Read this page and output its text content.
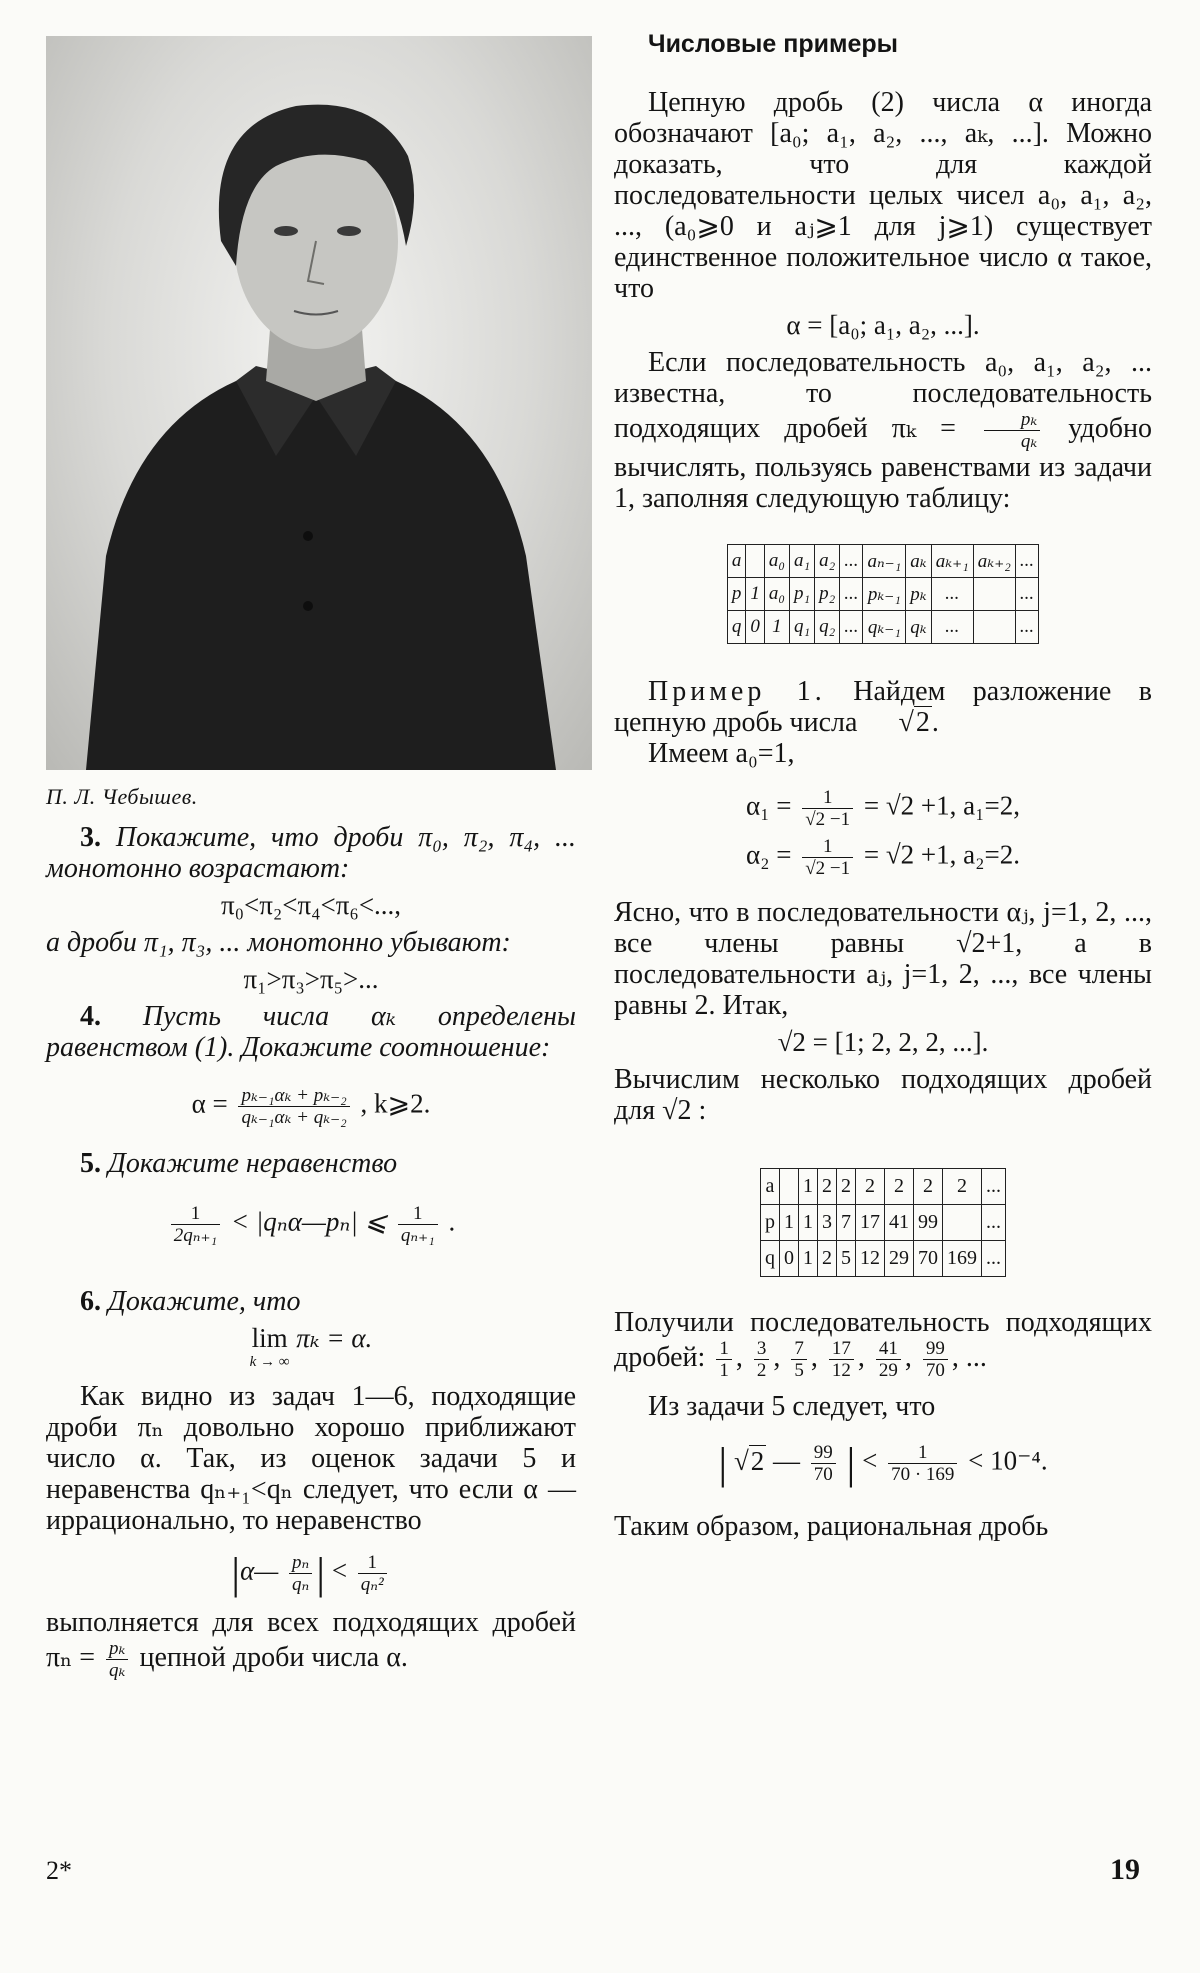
П. Л. Чебышев.

3. Покажите, что дроби π₀, π₂, π₄, ... монотонно возрастают:

π₀<π₂<π₄<π₆<...,

а дроби π₁, π₃, ... монотонно убывают:

π₁>π₃>π₅>...

4. Пусть числа αₖ определены равенством (1). Докажите соотношение:

$\alpha = \frac{\text{pₖ₋₁αₖ + pₖ₋₂}}{\text{qₖ₋₁αₖ + qₖ₋₂}}$ , k⩾2.

5. Докажите неравенство

$\frac{1}{\text{2qₙ₊₁}}$ < |qₙα—pₙ| ⩽ $\frac{1}{\text{qₙ₊₁}}$ .

6. Докажите, что

lim
k → ∞
πₖ = α.

Как видно из задач 1—6, подходящие дроби πₙ довольно хорошо приближают число α. Так, из оценок задачи 5 и неравенства qₙ₊₁<qₙ следует, что если α — иррационально, то неравенство

|α— $\frac{\text{pₙ}}{\text{qₙ}}$ | < $\frac{1}{\text{qₙ²}}$

выполняется для всех подходящих дробей $\pi_n = \frac{\text{pₖ}}{\text{qₖ}}$ цепной дроби числа α.

Числовые примеры

Цепную дробь (2) числа α иногда обозначают [a₀; a₁, a₂, ..., aₖ, ...]. Можно доказать, что для каждой последовательности целых чисел a₀, a₁, a₂, ..., (a₀⩾0 и aⱼ⩾1 для j⩾1) существует единственное положительное число α такое, что

α = [a₀; a₁, a₂, ...].

Если последовательность a₀, a₁, a₂, ... известна, то последовательность подходящих дробей $\pi_k = \frac{\text{pₖ}}{\text{qₖ}}$ удобно вычислять, пользуясь равенствами из задачи 1, заполняя следующую таблицу:

a		a₀	a₁	a₂	...	aₙ₋₁	aₖ	aₖ₊₁	aₖ₊₂	...
p	1	a₀	p₁	p₂	...	pₖ₋₁	pₖ	...		...
q	0	1	q₁	q₂	...	qₖ₋₁	qₖ	...		...

Пример 1. Найдем разложение в цепную дробь числа √2.

Имеем a₀=1,

$\alpha_1 = \frac{1}{√2 -1} = √2 +1$, a₁=2,
$\alpha_2 = \frac{1}{√2 -1} = √2 +1$, a₂=2.

Ясно, что в последовательности αⱼ, j=1, 2, ..., все члены равны √2+1, а в последовательности aⱼ, j=1, 2, ..., все члены равны 2. Итак,

√2 = [1; 2, 2, 2, ...].

Вычислим несколько подходящих дробей для √2 :

a		1	2	2	2	2	2	2	...
p	1	1	3	7	17	41	99		...
q	0	1	2	5	12	29	70	169	...

Получили последовательность подходящих дробей: $\frac{1}{1}$ , $\frac{3}{2}$ , $\frac{7}{5}$ , $\frac{17}{12}$ , $\frac{41}{29}$ , $\frac{99}{70}$ , ...

Из задачи 5 следует, что

| √2 — $\frac{99}{70}$ | < $\frac{1}{70 \cdot 169} < 10^{-4}$.

Таким образом, рациональная дробь

2*	19
